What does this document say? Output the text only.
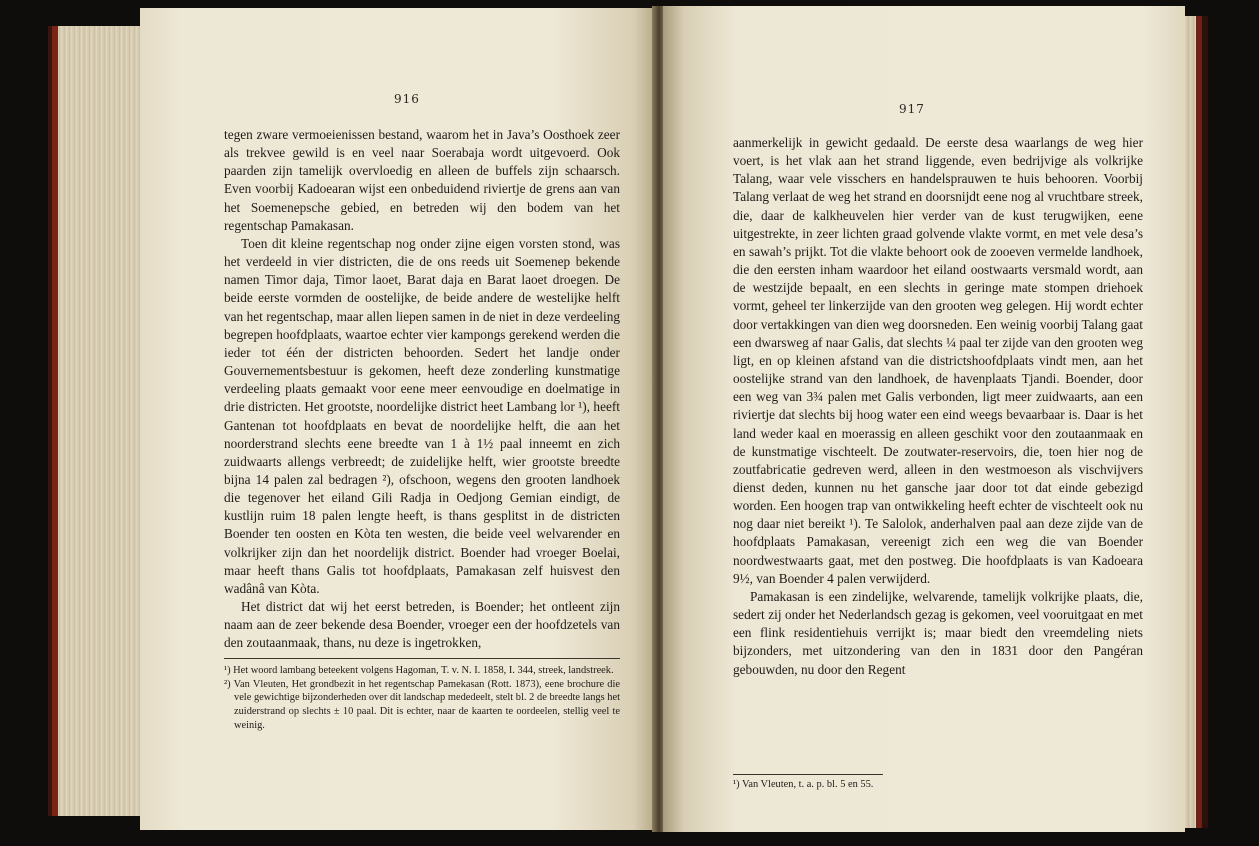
916

tegen zware vermoeienissen bestand, waarom het in Java’s Oosthoek zeer als trekvee gewild is en veel naar Soerabaja wordt uitgevoerd. Ook paarden zijn tamelijk overvloedig en alleen de buffels zijn schaarsch. Even voorbij Kadoearan wijst een onbeduidend riviertje de grens aan van het Soemenepsche gebied, en betreden wij den bodem van het regentschap Pamakasan.

Toen dit kleine regentschap nog onder zijne eigen vorsten stond, was het verdeeld in vier districten, die de ons reeds uit Soemenep bekende namen Timor daja, Timor laoet, Barat daja en Barat laoet droegen. De beide eerste vormden de oostelijke, de beide andere de westelijke helft van het regentschap, maar allen liepen samen in de niet in deze verdeeling begrepen hoofdplaats, waartoe echter vier kampongs gerekend werden die ieder tot één der districten behoorden. Sedert het landje onder Gouvernementsbestuur is gekomen, heeft deze zonderling kunstmatige verdeeling plaats gemaakt voor eene meer eenvoudige en doelmatige in drie districten. Het grootste, noordelijke district heet Lambang lor ¹), heeft Gantenan tot hoofdplaats en bevat de noordelijke helft, die aan het noorderstrand slechts eene breedte van 1 à 1½ paal inneemt en zich zuidwaarts allengs verbreedt; de zuidelijke helft, wier grootste breedte bijna 14 palen zal bedragen ²), ofschoon, wegens den grooten landhoek die tegenover het eiland Gili Radja in Oedjong Gemian eindigt, de kustlijn ruim 18 palen lengte heeft, is thans gesplitst in de districten Boender ten oosten en Kòta ten westen, die beide veel welvarender en volkrijker zijn dan het noordelijk district. Boender had vroeger Boelai, maar heeft thans Galis tot hoofdplaats, Pamakasan zelf huisvest den wadânâ van Kòta.

Het district dat wij het eerst betreden, is Boender; het ontleent zijn naam aan de zeer bekende desa Boender, vroeger een der hoofdzetels van den zoutaanmaak, thans, nu deze is ingetrokken,

¹) Het woord lambang beteekent volgens Hagoman, T. v. N. I. 1858, I. 344, streek, landstreek.

²) Van Vleuten, Het grondbezit in het regentschap Pamekasan (Rott. 1873), eene brochure die vele gewichtige bijzonderheden over dit landschap mededeelt, stelt bl. 2 de breedte langs het zuiderstrand op slechts ± 10 paal. Dit is echter, naar de kaarten te oordeelen, stellig veel te weinig.

917

aanmerkelijk in gewicht gedaald. De eerste desa waarlangs de weg hier voert, is het vlak aan het strand liggende, even bedrijvige als volkrijke Talang, waar vele visschers en handelsprauwen te huis behooren. Voorbij Talang verlaat de weg het strand en doorsnijdt eene nog al vruchtbare streek, die, daar de kalkheuvelen hier verder van de kust terugwijken, eene uitgestrekte, in zeer lichten graad golvende vlakte vormt, en met vele desa’s en sawah’s prijkt. Tot die vlakte behoort ook de zooeven vermelde landhoek, die den eersten inham waardoor het eiland oostwaarts versmald wordt, aan de westzijde bepaalt, en een slechts in geringe mate stompen driehoek vormt, geheel ter linkerzijde van den grooten weg gelegen. Hij wordt echter door vertakkingen van dien weg doorsneden. Een weinig voorbij Talang gaat een dwarsweg af naar Galis, dat slechts ¼ paal ter zijde van den grooten weg ligt, en op kleinen afstand van die districtshoofdplaats vindt men, aan het oostelijke strand van den landhoek, de havenplaats Tjandi. Boender, door een weg van 3¾ palen met Galis verbonden, ligt meer zuidwaarts, aan een riviertje dat slechts bij hoog water een eind weegs bevaarbaar is. Daar is het land weder kaal en moerassig en alleen geschikt voor den zoutaanmaak en de kunstmatige vischteelt. De zoutwater-reservoirs, die, toen hier nog de zoutfabricatie gedreven werd, alleen in den westmoeson als vischvijvers dienst deden, kunnen nu het gansche jaar door tot dat einde gebezigd worden. Een hoogen trap van ontwikkeling heeft echter de vischteelt ook nu nog daar niet bereikt ¹). Te Salolok, anderhalven paal aan deze zijde van de hoofdplaats Pamakasan, vereenigt zich een weg die van Boender noordwestwaarts gaat, met den postweg. Die hoofdplaats is van Kadoeara 9½, van Boender 4 palen verwijderd.

Pamakasan is een zindelijke, welvarende, tamelijk volkrijke plaats, die, sedert zij onder het Nederlandsch gezag is gekomen, veel vooruitgaat en met een flink residentiehuis verrijkt is; maar biedt den vreemdeling niets bijzonders, met uitzondering van den in 1831 door den Pangéran gebouwden, nu door den Regent

¹) Van Vleuten, t. a. p. bl. 5 en 55.
